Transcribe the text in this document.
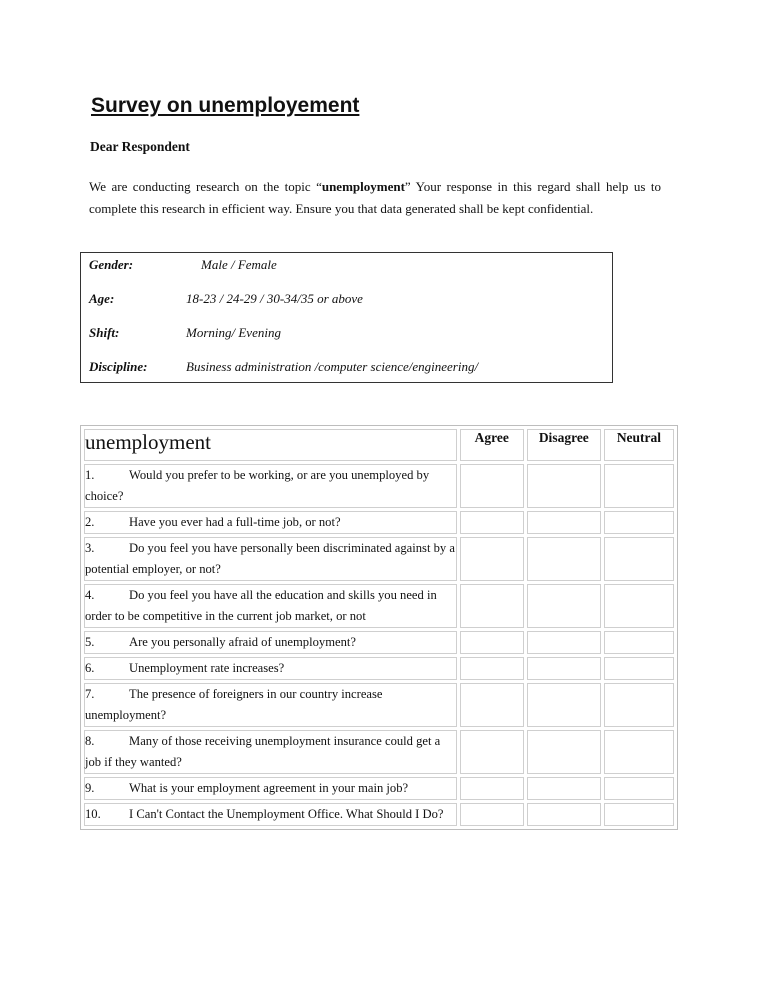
Survey on unemployement

Dear Respondent

We are conducting research on the topic “unemployment” Your response in this regard shall help us to complete this research in efficient way. Ensure you that data generated shall be kept confidential.

Gender:	Male / Female
Age:	18-23 / 24-29 / 30-34/35 or above
Shift:	Morning/ Evening
Discipline:	Business administration /computer science/engineering/
unemployment	Agree	Disagree	Neutral
1. Would you prefer to be working, or are you unemployed by choice?			
2. Have you ever had a full-time job, or not?			
3. Do you feel you have personally been discriminated against by a potential employer, or not?			
4. Do you feel you have all the education and skills you need in order to be competitive in the current job market, or not			
5. Are you personally afraid of unemployment?			
6. Unemployment rate increases?			
7. The presence of foreigners in our country increase unemployment?			
8. Many of those receiving unemployment insurance could get a job if they wanted?			
9. What is your employment agreement in your main job?			
10. I Can't Contact the Unemployment Office. What Should I Do?			
